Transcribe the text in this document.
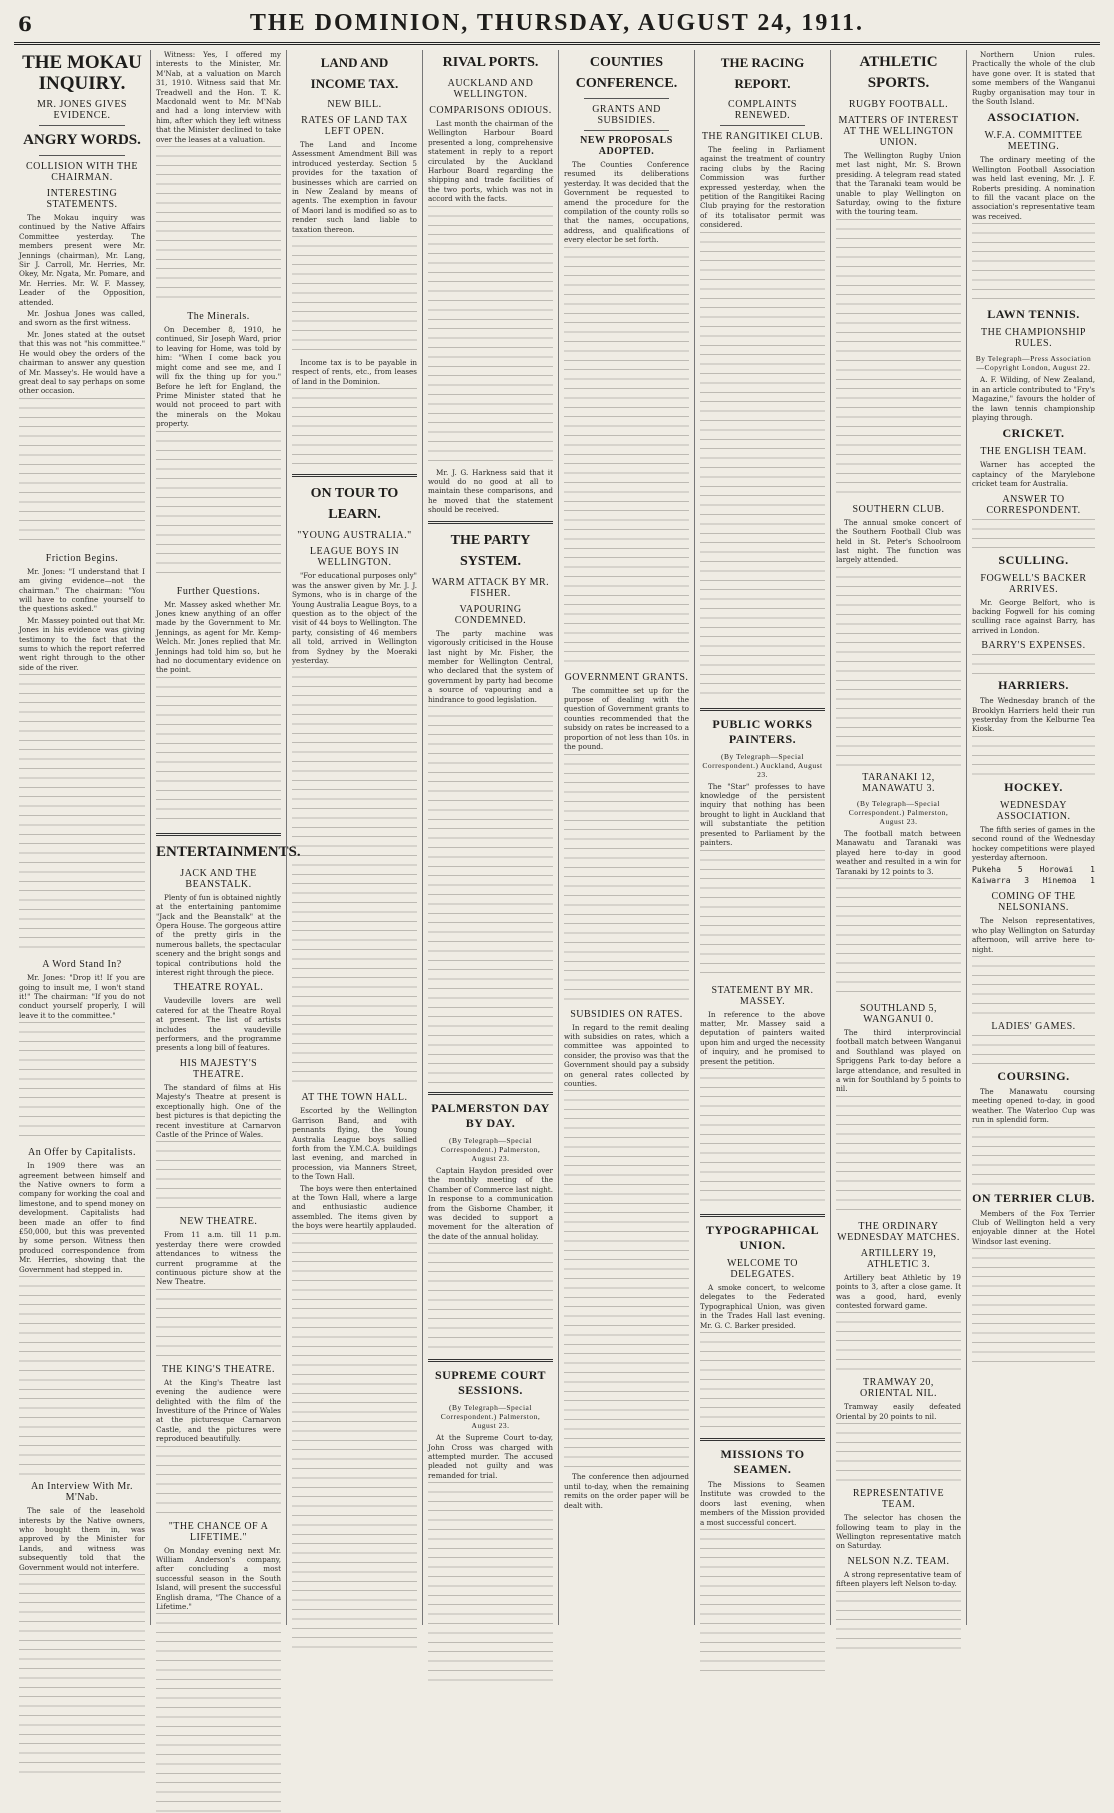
6	THE DOMINION, THURSDAY, AUGUST 24, 1911.
THE MOKAU INQUIRY.
MR. JONES GIVES EVIDENCE.
ANGRY WORDS.
COLLISION WITH THE CHAIRMAN.
INTERESTING STATEMENTS.
The Mokau inquiry was continued by the Native Affairs Committee yesterday. The members present were Mr. Jennings (chairman), Mr. Lang, Sir J. Carroll, Mr. Herries, Mr. Okey, Mr. Ngata, Mr. Pomare, and Mr. Herries. Mr. W. F. Massey, Leader of the Opposition, attended.
Mr. Joshua Jones was called, and sworn as the first witness.
Mr. Jones stated at the outset that this was not "his committee." He would obey the orders of the chairman to answer any question of Mr. Massey's. He would have a great deal to say perhaps on some other occasion.
Friction Begins.
Mr. Jones: "I understand that I am giving evidence—not the chairman." The chairman: "You will have to confine yourself to the questions asked."
Mr. Massey pointed out that Mr. Jones in his evidence was giving testimony to the fact that the sums to which the report referred went right through to the other side of the river.
A Word Stand In?
Mr. Jones: "Drop it! If you are going to insult me, I won't stand it!" The chairman: "If you do not conduct yourself properly, I will leave it to the committee."
An Offer by Capitalists.
In 1909 there was an agreement between himself and the Native owners to form a company for working the coal and limestone, and to spend money on development. Capitalists had been made an offer to find £50,000, but this was prevented by some person. Witness then produced correspondence from Mr. Herries, showing that the Government had stepped in.
An Interview With Mr. M'Nab.
The sale of the leasehold interests by the Native owners, who bought them in, was approved by the Minister for Lands, and witness was subsequently told that the Government would not interfere.
Witness: Yes, I offered my interests to the Minister, Mr. M'Nab, at a valuation on March 31, 1910. Witness said that Mr. Treadwell and the Hon. T. K. Macdonald went to Mr. M'Nab and had a long interview with him, after which they left witness that the Minister declined to take over the leases at a valuation.
The Minerals.
On December 8, 1910, he continued, Sir Joseph Ward, prior to leaving for Home, was told by him: "When I come back you might come and see me, and I will fix the thing up for you." Before he left for England, the Prime Minister stated that he would not proceed to part with the minerals on the Mokau property.
Further Questions.
Mr. Massey asked whether Mr. Jones knew anything of an offer made by the Government to Mr. Jennings, as agent for Mr. Kemp-Welch. Mr. Jones replied that Mr. Jennings had told him so, but he had no documentary evidence on the point.
ENTERTAINMENTS.
JACK AND THE BEANSTALK.
Plenty of fun is obtained nightly at the entertaining pantomime "Jack and the Beanstalk" at the Opera House. The gorgeous attire of the pretty girls in the numerous ballets, the spectacular scenery and the bright songs and topical contributions hold the interest right through the piece.
THEATRE ROYAL.
Vaudeville lovers are well catered for at the Theatre Royal at present. The list of artists includes the vaudeville performers, and the programme presents a long bill of features.
HIS MAJESTY'S THEATRE.
The standard of films at His Majesty's Theatre at present is exceptionally high. One of the best pictures is that depicting the recent investiture at Carnarvon Castle of the Prince of Wales.
NEW THEATRE.
From 11 a.m. till 11 p.m. yesterday there were crowded attendances to witness the current programme at the continuous picture show at the New Theatre.
THE KING'S THEATRE.
At the King's Theatre last evening the audience were delighted with the film of the Investiture of the Prince of Wales at the picturesque Carnarvon Castle, and the pictures were reproduced beautifully.
"THE CHANCE OF A LIFETIME."
On Monday evening next Mr. William Anderson's company, after concluding a most successful season in the South Island, will present the successful English drama, "The Chance of a Lifetime."
LAND AND INCOME TAX.
NEW BILL.
RATES OF LAND TAX LEFT OPEN.
The Land and Income Assessment Amendment Bill was introduced yesterday. Section 5 provides for the taxation of businesses which are carried on in New Zealand by means of agents. The exemption in favour of Maori land is modified so as to render such land liable to taxation thereon.
Income tax is to be payable in respect of rents, etc., from leases of land in the Dominion.
ON TOUR TO LEARN.
"YOUNG AUSTRALIA."
LEAGUE BOYS IN WELLINGTON.
"For educational purposes only" was the answer given by Mr. J. J. Symons, who is in charge of the Young Australia League Boys, to a question as to the object of the visit of 44 boys to Wellington. The party, consisting of 46 members all told, arrived in Wellington from Sydney by the Moeraki yesterday.
AT THE TOWN HALL.
Escorted by the Wellington Garrison Band, and with pennants flying, the Young Australia League boys sallied forth from the Y.M.C.A. buildings last evening, and marched in procession, via Manners Street, to the Town Hall.
The boys were then entertained at the Town Hall, where a large and enthusiastic audience assembled. The items given by the boys were heartily applauded.
RIVAL PORTS.
AUCKLAND AND WELLINGTON.
COMPARISONS ODIOUS.
Last month the chairman of the Wellington Harbour Board presented a long, comprehensive statement in reply to a report circulated by the Auckland Harbour Board regarding the shipping and trade facilities of the two ports, which was not in accord with the facts.
Mr. J. G. Harkness said that it would do no good at all to maintain these comparisons, and he moved that the statement should be received.
THE PARTY SYSTEM.
WARM ATTACK BY MR. FISHER.
VAPOURING CONDEMNED.
The party machine was vigorously criticised in the House last night by Mr. Fisher, the member for Wellington Central, who declared that the system of government by party had become a source of vapouring and a hindrance to good legislation.
PALMERSTON DAY BY DAY.
(By Telegraph—Special Correspondent.) Palmerston, August 23.
Captain Haydon presided over the monthly meeting of the Chamber of Commerce last night. In response to a communication from the Gisborne Chamber, it was decided to support a movement for the alteration of the date of the annual holiday.
SUPREME COURT SESSIONS.
(By Telegraph—Special Correspondent.) Palmerston, August 23.
At the Supreme Court to-day, John Cross was charged with attempted murder. The accused pleaded not guilty and was remanded for trial.
COUNTIES CONFERENCE.
GRANTS AND SUBSIDIES.
NEW PROPOSALS ADOPTED.
The Counties Conference resumed its deliberations yesterday. It was decided that the Government be requested to amend the procedure for the compilation of the county rolls so that the names, occupations, address, and qualifications of every elector be set forth.
GOVERNMENT GRANTS.
The committee set up for the purpose of dealing with the question of Government grants to counties recommended that the subsidy on rates be increased to a proportion of not less than 10s. in the pound.
SUBSIDIES ON RATES.
In regard to the remit dealing with subsidies on rates, which a committee was appointed to consider, the proviso was that the Government should pay a subsidy on general rates collected by counties.
The conference then adjourned until to-day, when the remaining remits on the order paper will be dealt with.
THE RACING REPORT.
COMPLAINTS RENEWED.
THE RANGITIKEI CLUB.
The feeling in Parliament against the treatment of country racing clubs by the Racing Commission was further expressed yesterday, when the petition of the Rangitikei Racing Club praying for the restoration of its totalisator permit was considered.
PUBLIC WORKS PAINTERS.
(By Telegraph—Special Correspondent.) Auckland, August 23.
The "Star" professes to have knowledge of the persistent inquiry that nothing has been brought to light in Auckland that will substantiate the petition presented to Parliament by the painters.
STATEMENT BY MR. MASSEY.
In reference to the above matter, Mr. Massey said a deputation of painters waited upon him and urged the necessity of inquiry, and he promised to present the petition.
TYPOGRAPHICAL UNION.
WELCOME TO DELEGATES.
A smoke concert, to welcome delegates to the Federated Typographical Union, was given in the Trades Hall last evening. Mr. G. C. Barker presided.
MISSIONS TO SEAMEN.
The Missions to Seamen Institute was crowded to the doors last evening, when members of the Mission provided a most successful concert.
ATHLETIC SPORTS.
RUGBY FOOTBALL.
MATTERS OF INTEREST AT THE WELLINGTON UNION.
The Wellington Rugby Union met last night, Mr. S. Brown presiding. A telegram read stated that the Taranaki team would be unable to play Wellington on Saturday, owing to the fixture with the touring team.
SOUTHERN CLUB.
The annual smoke concert of the Southern Football Club was held in St. Peter's Schoolroom last night. The function was largely attended.
TARANAKI 12, MANAWATU 3.
(By Telegraph—Special Correspondent.) Palmerston, August 23.
The football match between Manawatu and Taranaki was played here to-day in good weather and resulted in a win for Taranaki by 12 points to 3.
SOUTHLAND 5, WANGANUI 0.
The third interprovincial football match between Wanganui and Southland was played on Spriggens Park to-day before a large attendance, and resulted in a win for Southland by 5 points to nil.
THE ORDINARY WEDNESDAY MATCHES.
ARTILLERY 19, ATHLETIC 3.
Artillery beat Athletic by 19 points to 3, after a close game. It was a good, hard, evenly contested forward game.
TRAMWAY 20, ORIENTAL NIL.
Tramway easily defeated Oriental by 20 points to nil.
REPRESENTATIVE TEAM.
The selector has chosen the following team to play in the Wellington representative match on Saturday.
NELSON N.Z. TEAM.
A strong representative team of fifteen players left Nelson to-day.
Northern Union rules. Practically the whole of the club have gone over. It is stated that some members of the Wanganui Rugby organisation may tour in the South Island.
ASSOCIATION.
W.F.A. COMMITTEE MEETING.
The ordinary meeting of the Wellington Football Association was held last evening, Mr. J. F. Roberts presiding. A nomination to fill the vacant place on the association's representative team was received.
LAWN TENNIS.
THE CHAMPIONSHIP RULES.
By Telegraph—Press Association—Copyright London, August 22.
A. F. Wilding, of New Zealand, in an article contributed to "Fry's Magazine," favours the holder of the lawn tennis championship playing through.
CRICKET.
THE ENGLISH TEAM.
Warner has accepted the captaincy of the Marylebone cricket team for Australia.
ANSWER TO CORRESPONDENT.
SCULLING.
FOGWELL'S BACKER ARRIVES.
Mr. George Belfort, who is backing Fogwell for his coming sculling race against Barry, has arrived in London.
BARRY'S EXPENSES.
HARRIERS.
The Wednesday branch of the Brooklyn Harriers held their run yesterday from the Kelburne Tea Kiosk.
HOCKEY.
WEDNESDAY ASSOCIATION.
The fifth series of games in the second round of the Wednesday hockey competitions were played yesterday afternoon.
Pukeha 5 Horowai 1
Kaiwarra 3 Hinemoa 1
COMING OF THE NELSONIANS.
The Nelson representatives, who play Wellington on Saturday afternoon, will arrive here to-night.
LADIES' GAMES.
COURSING.
The Manawatu coursing meeting opened to-day, in good weather. The Waterloo Cup was run in splendid form.
ON TERRIER CLUB.
Members of the Fox Terrier Club of Wellington held a very enjoyable dinner at the Hotel Windsor last evening.
